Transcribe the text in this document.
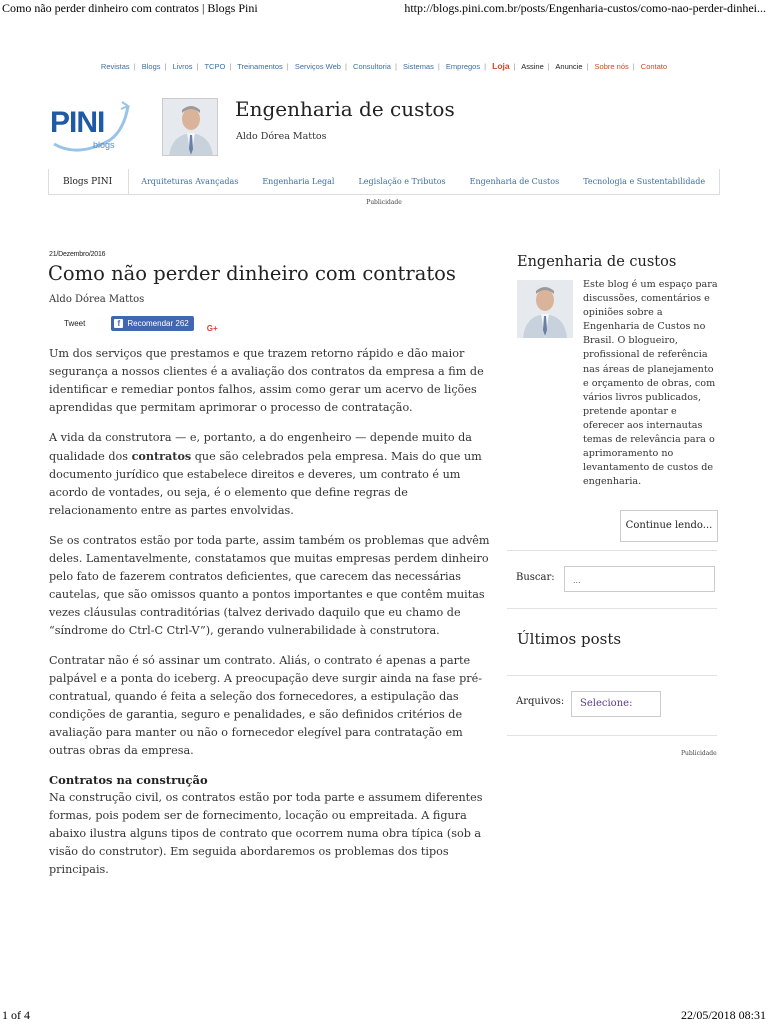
Como não perder dinheiro com contratos | Blogs Pini	http://blogs.pini.com.br/posts/Engenharia-custos/como-nao-perder-dinhei...
Revistas | Blogs | Livros | TCPO | Treinamentos | Serviços Web | Consultoria | Sistemas | Empregos | Loja | Assine | Anuncie | Sobre nós | Contato
PINI
blogs
Engenharia de custos
Aldo Dórea Mattos
Blogs PINI	Arquiteturas Avançadas	Engenharia Legal	Legislação e Tributos	Engenharia de Custos	Tecnologia e Sustentabilidade
Publicidade
21/Dezembro/2016
Como não perder dinheiro com contratos
Aldo Dórea Mattos
Tweet	f Recomendar 262
G+

Um dos serviços que prestamos e que trazem retorno rápido e dão maior segurança a nossos clientes é a avaliação dos contratos da empresa a fim de identificar e remediar pontos falhos, assim como gerar um acervo de lições aprendidas que permitam aprimorar o processo de contratação.

A vida da construtora — e, portanto, a do engenheiro — depende muito da qualidade dos contratos que são celebrados pela empresa. Mais do que um documento jurídico que estabelece direitos e deveres, um contrato é um acordo de vontades, ou seja, é o elemento que define regras de relacionamento entre as partes envolvidas.

Se os contratos estão por toda parte, assim também os problemas que advêm deles. Lamentavelmente, constatamos que muitas empresas perdem dinheiro pelo fato de fazerem contratos deficientes, que carecem das necessárias cautelas, que são omissos quanto a pontos importantes e que contêm muitas vezes cláusulas contraditórias (talvez derivado daquilo que eu chamo de “síndrome do Ctrl-C Ctrl-V”), gerando vulnerabilidade à construtora.

Contratar não é só assinar um contrato. Aliás, o contrato é apenas a parte palpável e a ponta do iceberg. A preocupação deve surgir ainda na fase pré-contratual, quando é feita a seleção dos fornecedores, a estipulação das condições de garantia, seguro e penalidades, e são definidos critérios de avaliação para manter ou não o fornecedor elegível para contratação em outras obras da empresa.

Contratos na construção

Na construção civil, os contratos estão por toda parte e assumem diferentes formas, pois podem ser de fornecimento, locação ou empreitada. A figura abaixo ilustra alguns tipos de contrato que ocorrem numa obra típica (sob a visão do construtor). Em seguida abordaremos os problemas dos tipos principais.

Engenharia de custos
Este blog é um espaço para discussões, comentários e opiniões sobre a Engenharia de Custos no Brasil. O blogueiro, profissional de referência nas áreas de planejamento e orçamento de obras, com vários livros publicados, pretende apontar e oferecer aos internautas temas de relevância para o aprimoramento no levantamento de custos de engenharia.
Continue lendo...
Buscar:	...
Últimos posts
Arquivos:	Selecione:
Publicidade
1 of 4	22/05/2018 08:31
